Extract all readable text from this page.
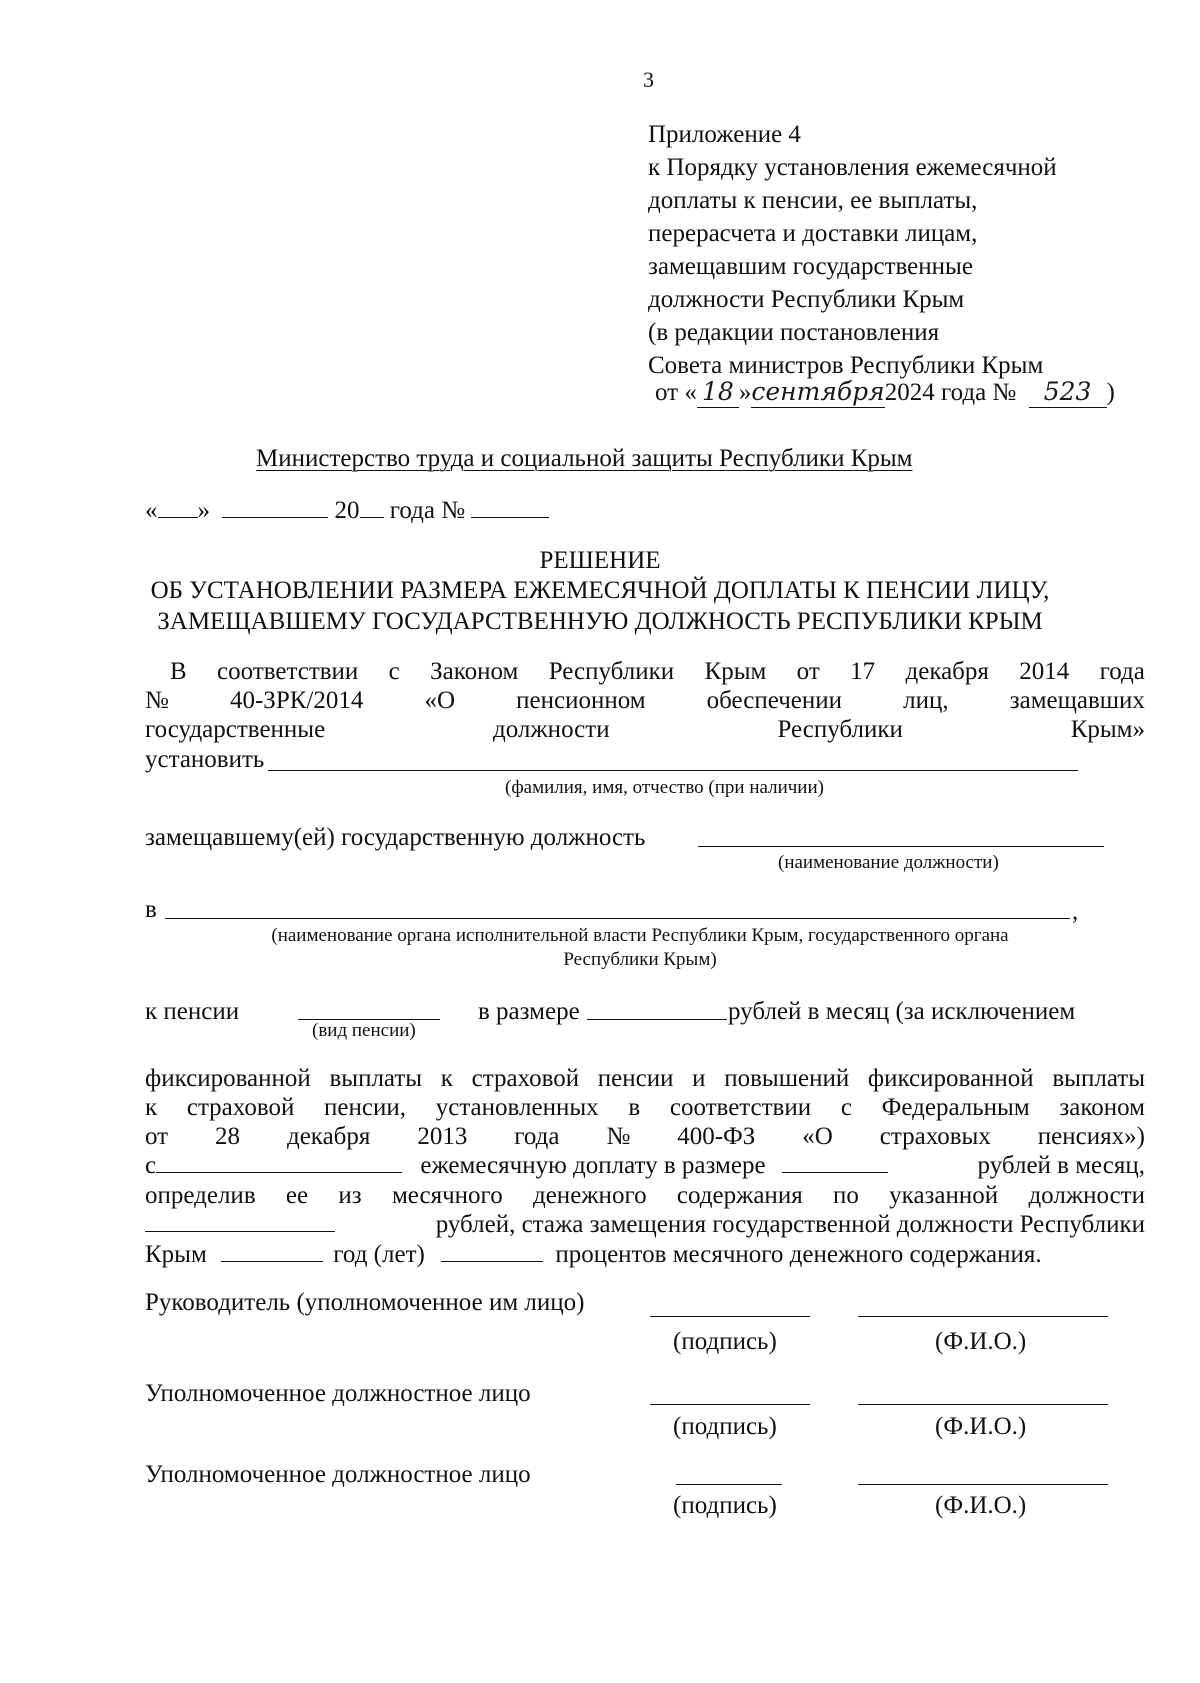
3
Приложение 4
к Порядку установления ежемесячной
доплаты к пенсии, ее выплаты,
перерасчета и доставки лицам,
замещавшим государственные
должности Республики Крым
(в редакции постановления
Совета министров Республики Крым
от « 18 »сентября2024 года № 523 )
Министерство труда и социальной защиты Республики Крым
« »	20 года №
РЕШЕНИЕ
ОБ УСТАНОВЛЕНИИ РАЗМЕРА ЕЖЕМЕСЯЧНОЙ ДОПЛАТЫ К ПЕНСИИ ЛИЦУ,
ЗАМЕЩАВШЕМУ ГОСУДАРСТВЕННУЮ ДОЛЖНОСТЬ РЕСПУБЛИКИ КРЫМ
В соответствии с Законом Республики Крым от 17 декабря 2014 года
№ 40-ЗРК/2014 «О пенсионном обеспечении лиц, замещавших
государственные	должности	Республики	Крым»
установить
(фамилия, имя, отчество (при наличии)
замещавшему(ей) государственную должность
(наименование должности)
в	,
(наименование органа исполнительной власти Республики Крым, государственного органа
Республики Крым)
к пенсии
(вид пенсии)
в размере	рублей в месяц (за исключением
фиксированной выплаты к страховой пенсии и повышений фиксированной выплаты
к страховой пенсии, установленных в соответствии с Федеральным законом
от 28 декабря 2013 года № 400-ФЗ «О страховых пенсиях»)
с	ежемесячную доплату в размере	рублей в месяц,
определив ее из месячного денежного содержания по указанной должности
рублей, стажа замещения государственной должности Республики
Крым	год (лет)	процентов месячного денежного содержания.
Руководитель (уполномоченное им лицо)
(подпись)	(Ф.И.О.)
Уполномоченное должностное лицо
(подпись)	(Ф.И.О.)
Уполномоченное должностное лицо
(подпись)	(Ф.И.О.)
